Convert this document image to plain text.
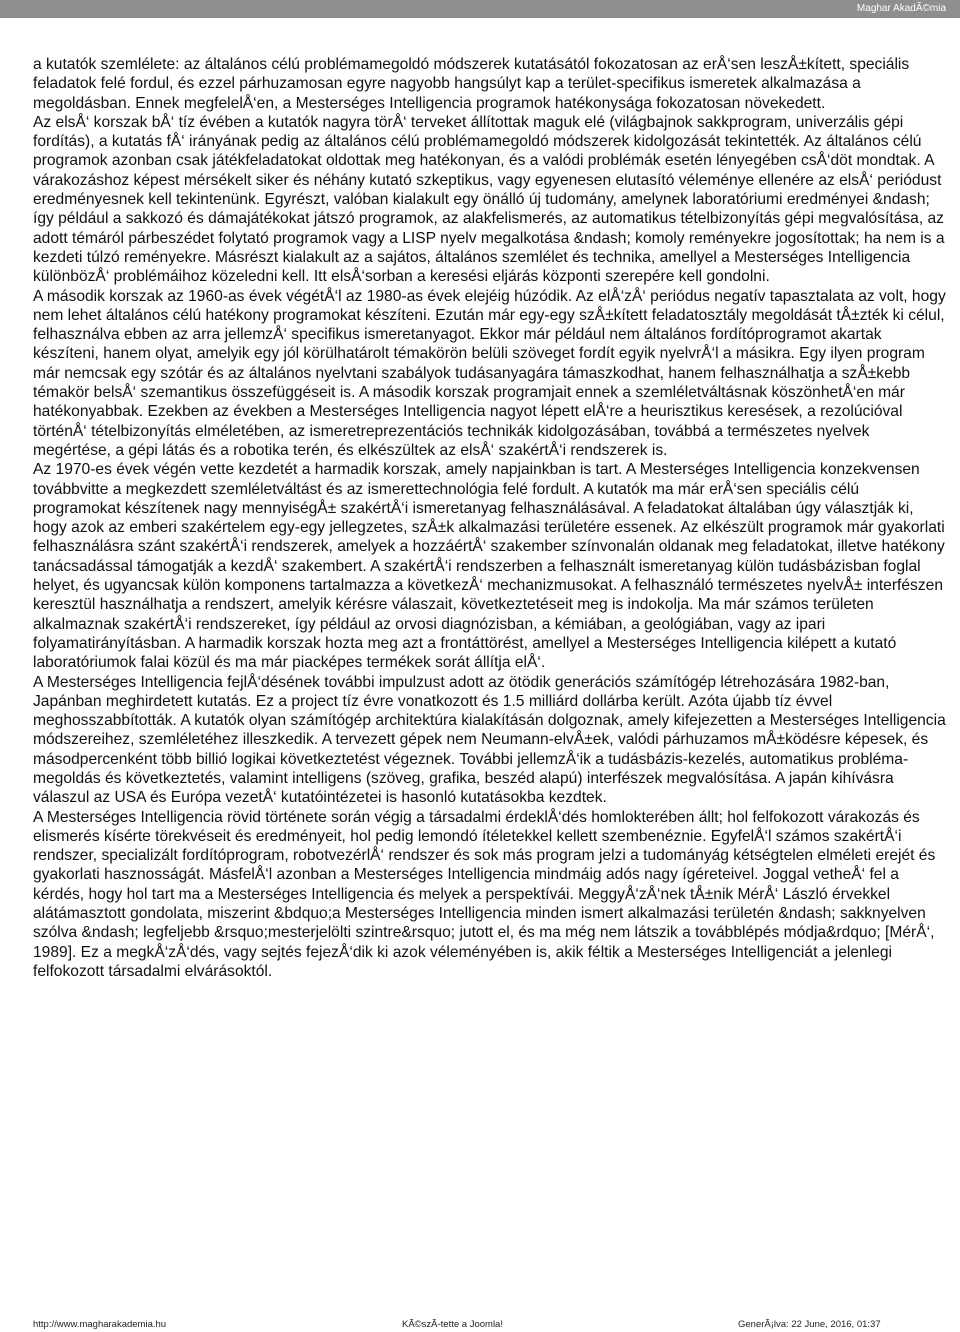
Maghar AkadÃ©mia

a kutatók szemlélete: az általános célú problémamegoldó módszerek kutatásától fokozatosan az erÅ‘sen leszÅ±kített, speciális feladatok felé fordul, és ezzel párhuzamosan egyre nagyobb hangsúlyt kap a terület-specifikus ismeretek alkalmazása a megoldásban. Ennek megfelelÅ‘en, a Mesterséges Intelligencia programok hatékonysága fokozatosan növekedett.

Az elsÅ‘ korszak bÅ‘ tíz évében a kutatók nagyra törÅ‘ terveket állítottak maguk elé (világbajnok sakkprogram, univerzális gépi fordítás), a kutatás fÅ‘ irányának pedig az általános célú problémamegoldó módszerek kidolgozását tekintették. Az általános célú programok azonban csak játékfeladatokat oldottak meg hatékonyan, és a valódi problémák esetén lényegében csÅ‘döt mondtak. A várakozáshoz képest mérsékelt siker és néhány kutató szkeptikus, vagy egyenesen elutasító véleménye ellenére az elsÅ‘ periódust eredményesnek kell tekintenünk. Egyrészt, valóban kialakult egy önálló új tudomány, amelynek laboratóriumi eredményei &ndash; így például a sakkozó és dámajátékokat játszó programok, az alakfelismerés, az automatikus tételbizonyítás gépi megvalósítása, az adott témáról párbeszédet folytató programok vagy a LISP nyelv megalkotása &ndash; komoly reményekre jogosítottak; ha nem is a kezdeti túlzó reményekre. Másrészt kialakult az a sajátos, általános szemlélet és technika, amellyel a Mesterséges Intelligencia különbözÅ‘ problémáihoz közeledni kell. Itt elsÅ‘sorban a keresési eljárás központi szerepére kell gondolni.

A második korszak az 1960-as évek végétÅ‘l az 1980-as évek elejéig húzódik. Az elÅ‘zÅ‘ periódus negatív tapasztalata az volt, hogy nem lehet általános célú hatékony programokat készíteni. Ezután már egy-egy szÅ±kített feladatosztály megoldását tÅ±zték ki célul, felhasználva ebben az arra jellemzÅ‘ specifikus ismeretanyagot. Ekkor már például nem általános fordítóprogramot akartak készíteni, hanem olyat, amelyik egy jól körülhatárolt témakörön belüli szöveget fordít egyik nyelvrÅ‘l a másikra. Egy ilyen program már nemcsak egy szótár és az általános nyelvtani szabályok tudásanyagára támaszkodhat, hanem felhasználhatja a szÅ±kebb témakör belsÅ‘ szemantikus összefüggéseit is. A második korszak programjait ennek a szemléletváltásnak köszönhetÅ‘en már hatékonyabbak. Ezekben az években a Mesterséges Intelligencia nagyot lépett elÅ‘re a heurisztikus keresések, a rezolúcióval történÅ‘ tételbizonyítás elméletében, az ismeretreprezentációs technikák kidolgozásában, továbbá a természetes nyelvek megértése, a gépi látás és a robotika terén, és elkészültek az elsÅ‘ szakértÅ‘i rendszerek is.

Az 1970-es évek végén vette kezdetét a harmadik korszak, amely napjainkban is tart. A Mesterséges Intelligencia konzekvensen továbbvitte a megkezdett szemléletváltást és az ismerettechnológia felé fordult. A kutatók ma már erÅ‘sen speciális célú programokat készítenek nagy mennyiségÅ± szakértÅ‘i ismeretanyag felhasználásával. A feladatokat általában úgy választják ki, hogy azok az emberi szakértelem egy-egy jellegzetes, szÅ±k alkalmazási területére essenek. Az elkészült programok már gyakorlati felhasználásra szánt szakértÅ‘i rendszerek, amelyek a hozzáértÅ‘ szakember színvonalán oldanak meg feladatokat, illetve hatékony tanácsadással támogatják a kezdÅ‘ szakembert. A szakértÅ‘i rendszerben a felhasznált ismeretanyag külön tudásbázisban foglal helyet, és ugyancsak külön komponens tartalmazza a következÅ‘ mechanizmusokat. A felhasználó természetes nyelvÅ± interfészen keresztül használhatja a rendszert, amelyik kérésre válaszait, következtetéseit meg is indokolja. Ma már számos területen alkalmaznak szakértÅ‘i rendszereket, így például az orvosi diagnózisban, a kémiában, a geológiában, vagy az ipari folyamatirányításban. A harmadik korszak hozta meg azt a frontáttörést, amellyel a Mesterséges Intelligencia kilépett a kutató laboratóriumok falai közül és ma már piacképes termékek sorát állítja elÅ‘.

A Mesterséges Intelligencia fejlÅ‘désének további impulzust adott az ötödik generációs számítógép létrehozására 1982-ban, Japánban meghirdetett kutatás. Ez a project tíz évre vonatkozott és 1.5 milliárd dollárba került. Azóta újabb tíz évvel meghosszabbították. A kutatók olyan számítógép architektúra kialakításán dolgoznak, amely kifejezetten a Mesterséges Intelligencia módszereihez, szemléletéhez illeszkedik. A tervezett gépek nem Neumann-elvÅ±ek, valódi párhuzamos mÅ±ködésre képesek, és másodpercenként több billió logikai következtetést végeznek. További jellemzÅ‘ik a tudásbázis-kezelés, automatikus probléma-megoldás és következtetés, valamint intelligens (szöveg, grafika, beszéd alapú) interfészek megvalósítása. A japán kihívásra válaszul az USA és Európa vezetÅ‘ kutatóintézetei is hasonló kutatásokba kezdtek.

A Mesterséges Intelligencia rövid története során végig a társadalmi érdeklÅ‘dés homlokterében állt; hol felfokozott várakozás és elismerés kísérte törekvéseit és eredményeit, hol pedig lemondó ítéletekkel kellett szembenéznie. EgyfelÅ‘l számos szakértÅ‘i rendszer, specializált fordítóprogram, robotvezérlÅ‘ rendszer és sok más program jelzi a tudományág kétségtelen elméleti erejét és gyakorlati hasznosságát. MásfelÅ‘l azonban a Mesterséges Intelligencia mindmáig adós nagy ígéreteivel. Joggal vetheÅ‘ fel a kérdés, hogy hol tart ma a Mesterséges Intelligencia és melyek a perspektívái. MeggyÅ‘zÅ‘nek tÅ±nik MérÅ‘ László érvekkel alátámasztott gondolata, miszerint &bdquo;a Mesterséges Intelligencia minden ismert alkalmazási területén &ndash; sakknyelven szólva &ndash; legfeljebb &rsquo;mesterjelölti szintre&rsquo; jutott el, és ma még nem látszik a továbblépés módja&rdquo; [MérÅ‘, 1989]. Ez a megkÅ‘zÅ‘dés, vagy sejtés fejezÅ‘dik ki azok véleményében is, akik féltik a Mesterséges Intelligenciát a jelenlegi felfokozott társadalmi elvárásoktól.

http://www.magharakademia.hu	KÃ©szÃ-tette a Joomla!	GenerÃ¡lva: 22 June, 2016, 01:37
